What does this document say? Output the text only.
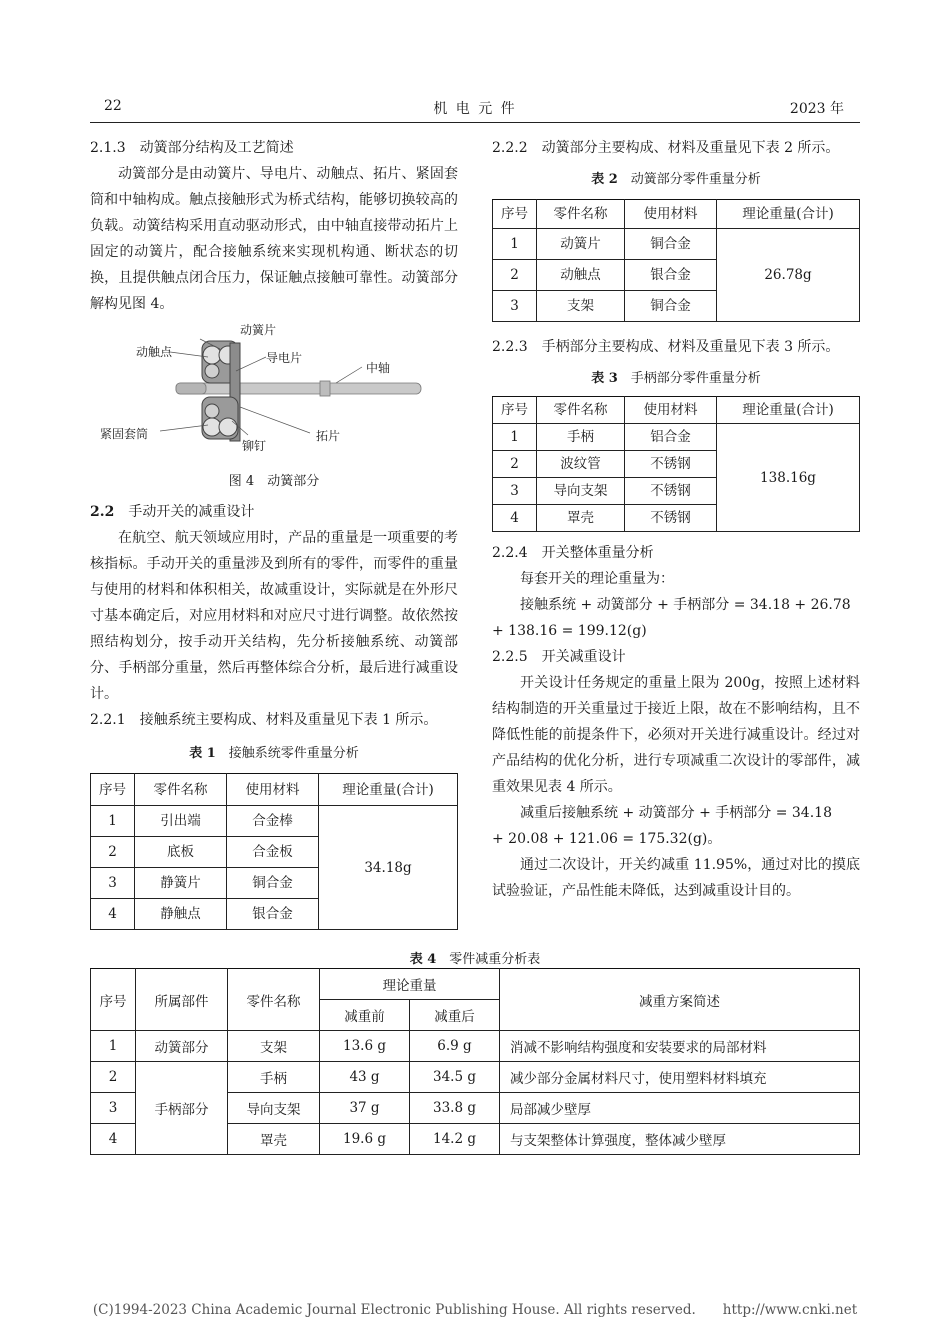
22	机 电 元 件	2023 年

2.1.3　动簧部分结构及工艺简述

动簧部分是由动簧片、导电片、动触点、拓片、紧固套筒和中轴构成。触点接触形式为桥式结构，能够切换较高的负载。动簧结构采用直动驱动形式，由中轴直接带动拓片上固定的动簧片，配合接触系统来实现机构通、断状态的切换，且提供触点闭合压力，保证触点接触可靠性。动簧部分解构见图 4。

动簧片
动触点	导电片
中轴
紧固套筒
铆钉
拓片
图 4　动簧部分

2.2　 手动开关的减重设计

在航空、航天领域应用时，产品的重量是一项重要的考核指标。手动开关的重量涉及到所有的零件，而零件的重量与使用的材料和体积相关，故减重设计，实际就是在外形尺寸基本确定后，对应用材料和对应尺寸进行调整。故依然按照结构划分，按手动开关结构，先分析接触系统、动簧部分、手柄部分重量，然后再整体综合分析，最后进行减重设计。

2.2.1　接触系统主要构成、材料及重量见下表 1 所示。

表 1　 接触系统零件重量分析
序号	零件名称	使用材料	理论重量(合计)
1	引出端	合金棒	34.18g
2	底板	合金板	
3	静簧片	铜合金	
4	静触点	银合金	

2.2.2　动簧部分主要构成、材料及重量见下表 2 所示。

表 2　 动簧部分零件重量分析
序号	零件名称	使用材料	理论重量(合计)
1	动簧片	铜合金	26.78g
2	动触点	银合金	
3	支架	铜合金	

2.2.3　手柄部分主要构成、材料及重量见下表 3 所示。

表 3　 手柄部分零件重量分析
序号	零件名称	使用材料	理论重量(合计)
1	手柄	铝合金	138.16g
2	波纹管	不锈钢	
3	导向支架	不锈钢	
4	罩壳	不锈钢	

2.2.4　开关整体重量分析

每套开关的理论重量为：

接触系统 + 动簧部分 + 手柄部分 = 34.18 + 26.78

+ 138.16 = 199.12(g)

2.2.5　开关减重设计

开关设计任务规定的重量上限为 200g，按照上述材料结构制造的开关重量过于接近上限，故在不影响结构，且不降低性能的前提条件下，必须对开关进行减重设计。经过对产品结构的优化分析，进行专项减重二次设计的零部件，减重效果见表 4 所示。

减重后接触系统 + 动簧部分 + 手柄部分 = 34.18

+ 20.08 + 121.06 = 175.32(g)。

通过二次设计，开关约减重 11.95%，通过对比的摸底试验验证，产品性能未降低，达到减重设计目的。

表 4　 零件减重分析表
序号	所属部件	零件名称	理论重量		减重方案简述
			减重前	减重后	
1	动簧部分	支架	13.6 g	6.9 g	消减不影响结构强度和安装要求的局部材料
2	手柄部分	手柄	43 g	34.5 g	减少部分金属材料尺寸，使用塑料材料填充
3		导向支架	37 g	33.8 g	局部减少壁厚
4		罩壳	19.6 g	14.2 g	与支架整体计算强度，整体减少壁厚
(C)1994-2023 China Academic Journal Electronic Publishing House. All rights reserved.　　http://www.cnki.net
